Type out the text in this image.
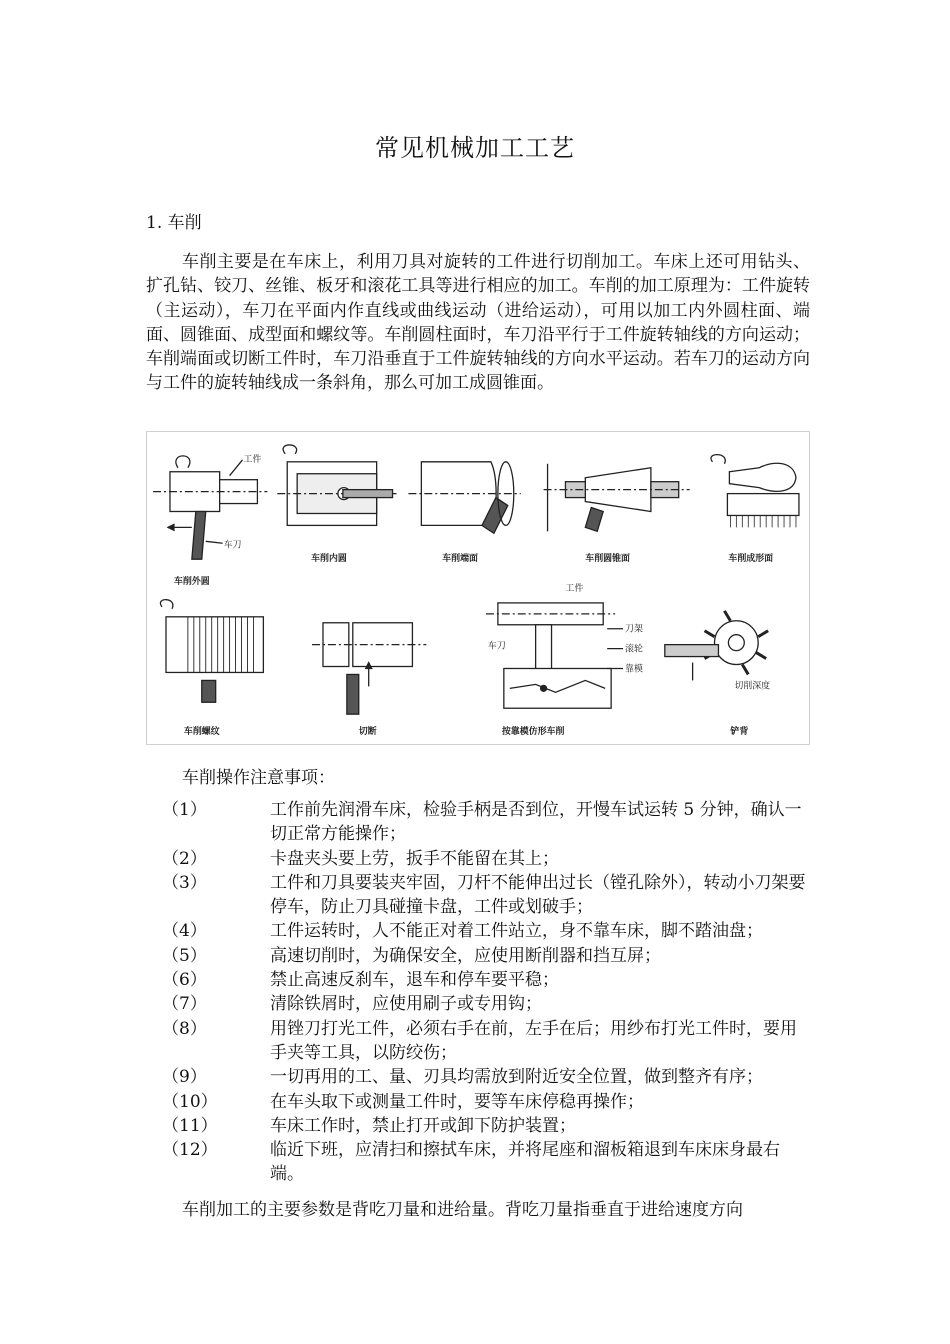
常见机械加工工艺
1. 车削
车削主要是在车床上，利用刀具对旋转的工件进行切削加工。车床上还可用钻头、扩孔钻、铰刀、丝锥、板牙和滚花工具等进行相应的加工。车削的加工原理为：工件旋转（主运动），车刀在平面内作直线或曲线运动（进给运动），可用以加工内外圆柱面、端面、圆锥面、成型面和螺纹等。车削圆柱面时，车刀沿平行于工件旋转轴线的方向运动；车削端面或切断工件时，车刀沿垂直于工件旋转轴线的方向水平运动。若车刀的运动方向与工件的旋转轴线成一条斜角，那么可加工成圆锥面。
车削外圆
车削内圆	车削端面	车削圆锥面	车削成形面
车削螺纹	切断	按靠模仿形车削	铲背
工件
车刀
工件
刀架
滚轮
靠模
车刀
切削深度
车削操作注意事项：
（1）	工作前先润滑车床，检验手柄是否到位，开慢车试运转 5 分钟，确认一切正常方能操作；
（2）	卡盘夹头要上劳，扳手不能留在其上；
（3）	工件和刀具要装夹牢固，刀杆不能伸出过长（镗孔除外），转动小刀架要停车，防止刀具碰撞卡盘，工件或划破手；
（4）	工件运转时，人不能正对着工件站立，身不靠车床，脚不踏油盘；
（5）	高速切削时，为确保安全，应使用断削器和挡互屏；
（6）	禁止高速反刹车，退车和停车要平稳；
（7）	清除铁屑时，应使用刷子或专用钩；
（8）	用锉刀打光工件，必须右手在前，左手在后；用纱布打光工件时，要用手夹等工具，以防绞伤；
（9）	一切再用的工、量、刃具均需放到附近安全位置，做到整齐有序；
（10）	在车头取下或测量工件时，要等车床停稳再操作；
（11）	车床工作时，禁止打开或卸下防护装置；
（12）	临近下班，应清扫和擦拭车床，并将尾座和溜板箱退到车床床身最右端。
车削加工的主要参数是背吃刀量和进给量。背吃刀量指垂直于进给速度方向
